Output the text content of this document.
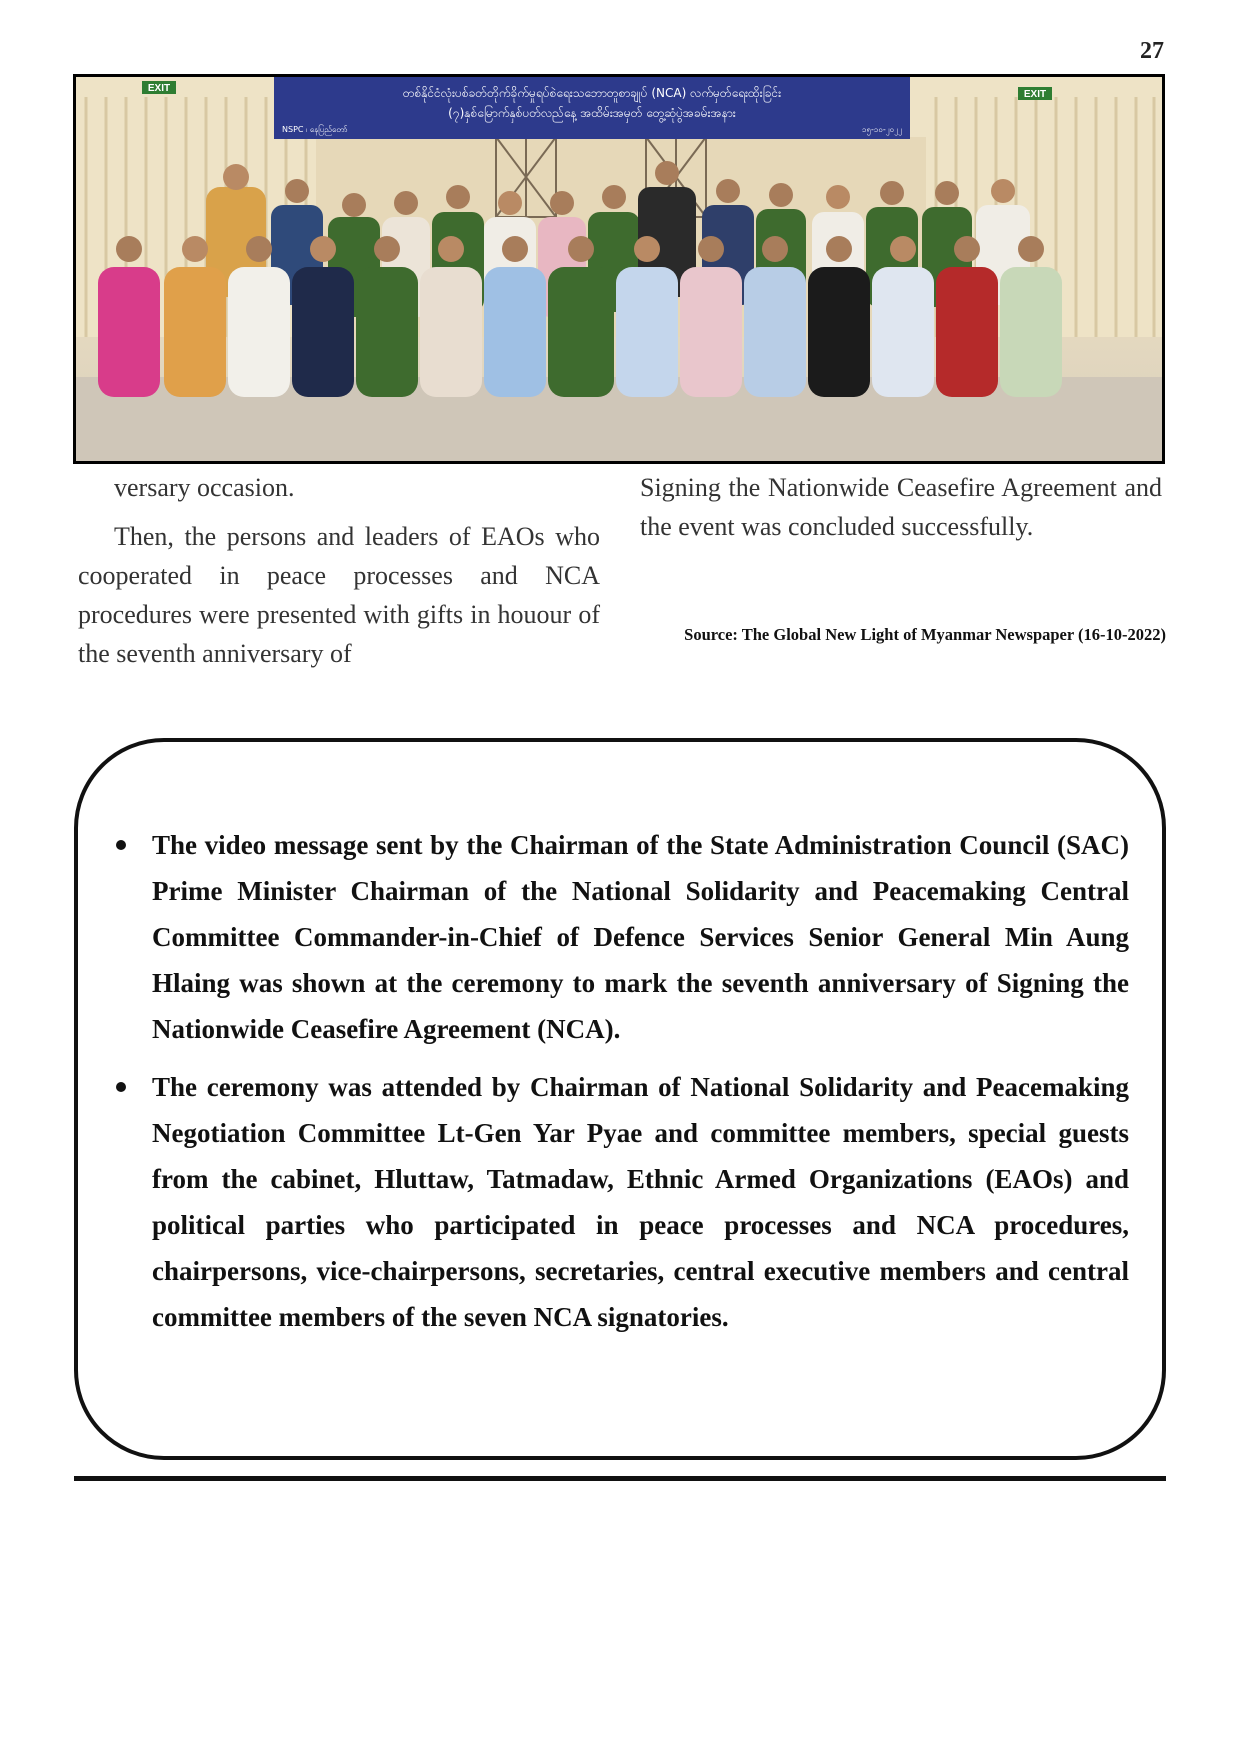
27
EXIT
EXIT
တစ်နိုင်ငံလုံးပစ်ခတ်တိုက်ခိုက်မှုရပ်စဲရေးသဘောတူစာချုပ် (NCA) လက်မှတ်ရေးထိုးခြင်း
(၇)နှစ်မြောက်နှစ်ပတ်လည်နေ့ အထိမ်းအမှတ် တွေ့ဆုံပွဲအခမ်းအနား
NSPC ၊ နေပြည်တော်	၁၅-၁၀-၂၀၂၂

versary occasion.

Then, the persons and leaders of EAOs who cooperated in peace processes and NCA procedures were presented with gifts in houour of the seventh anniversary of

Signing the Nationwide Ceasefire Agreement and the event was concluded successfully.

Source: The Global New Light of Myanmar Newspaper (16-10-2022)
The video message sent by the Chairman of the State Administration Council (SAC) Prime Minister Chairman of the National Solidarity and Peacemaking Central Committee Commander-in-Chief of Defence Services Senior General Min Aung Hlaing was shown at the ceremony to mark the seventh anniversary of Signing the Nationwide Ceasefire Agreement (NCA).
The ceremony was attended by Chairman of National Solidarity and Peacemaking Negotiation Committee Lt-Gen Yar Pyae and committee members, special guests from the cabinet, Hluttaw, Tatmadaw, Ethnic Armed Organizations (EAOs) and political parties who participated in peace processes and NCA procedures, chairpersons, vice-chairpersons, secretaries, central executive members and central committee members of the seven NCA signatories.
